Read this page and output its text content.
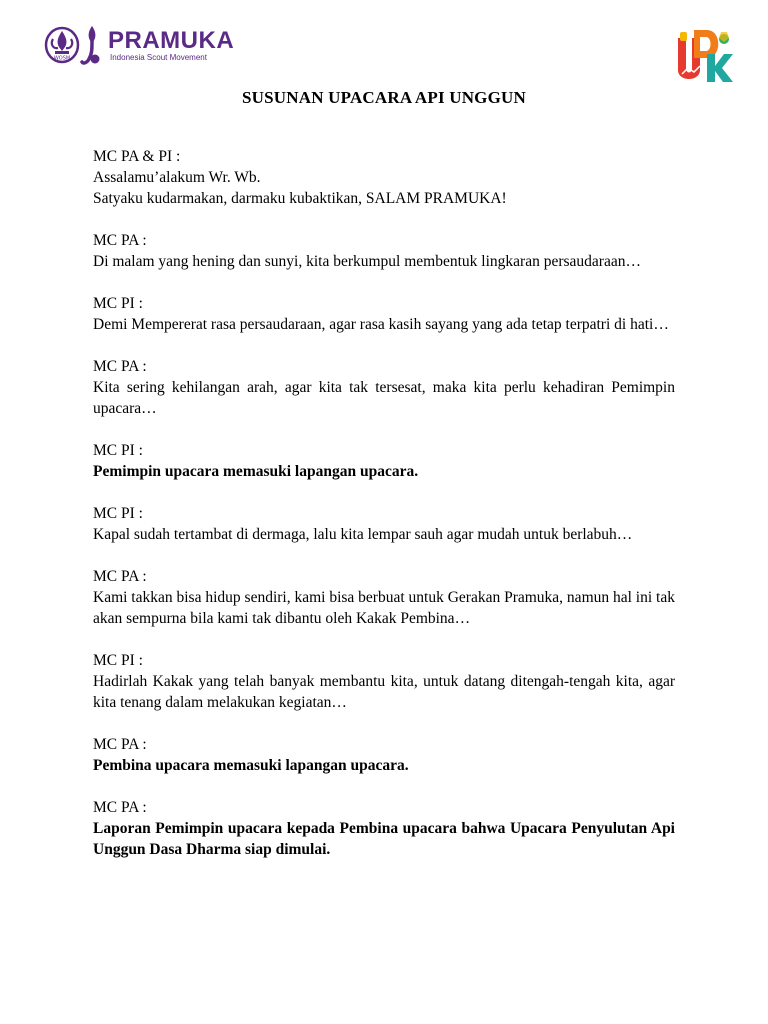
WOSM
PRAMUKA
Indonesia Scout Movement
SUSUNAN UPACARA API UNGGUN

MC PA & PI :

Assalamu’alakum Wr. Wb.

Satyaku kudarmakan, darmaku kubaktikan, SALAM PRAMUKA!

MC PA :

Di malam yang hening dan sunyi, kita berkumpul membentuk lingkaran persaudaraan…

MC PI :

Demi Mempererat rasa persaudaraan, agar rasa kasih sayang yang ada tetap terpatri di hati…

MC PA :

Kita sering kehilangan arah, agar kita tak tersesat, maka kita perlu kehadiran Pemimpin upacara…

MC PI :

Pemimpin upacara memasuki lapangan upacara.

MC PI :

Kapal sudah tertambat di dermaga, lalu kita lempar sauh agar mudah untuk berlabuh…

MC PA :

Kami takkan bisa hidup sendiri, kami bisa berbuat untuk Gerakan Pramuka, namun hal ini tak akan sempurna bila kami tak dibantu oleh Kakak Pembina…

MC PI :

Hadirlah Kakak yang telah banyak membantu kita, untuk datang ditengah-tengah kita, agar kita tenang dalam melakukan kegiatan…

MC PA :

Pembina upacara memasuki lapangan upacara.

MC PA :

Laporan Pemimpin upacara kepada Pembina upacara bahwa Upacara Penyulutan Api Unggun Dasa Dharma siap dimulai.
